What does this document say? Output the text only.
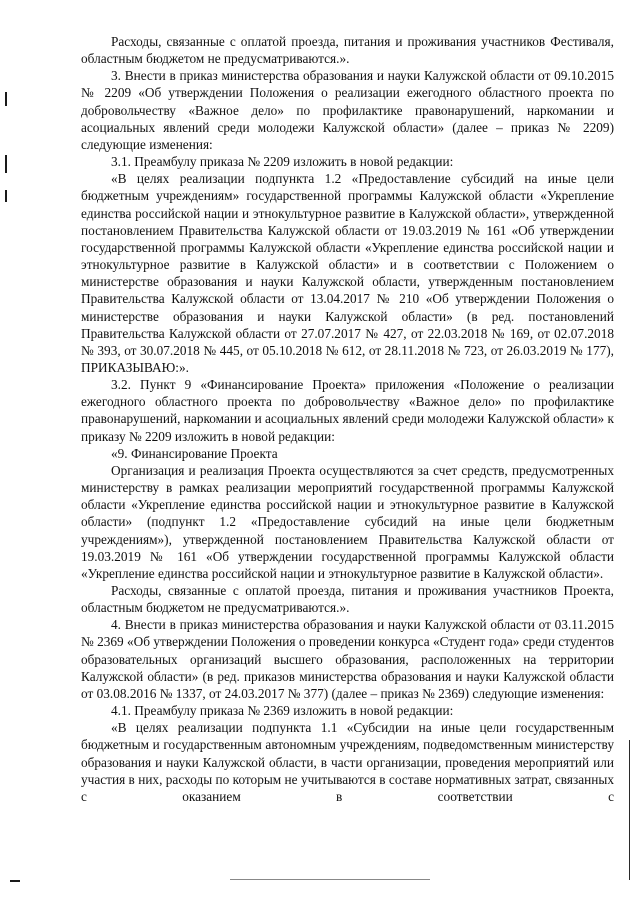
Расходы, связанные с оплатой проезда, питания и проживания участников Фестиваля, областным бюджетом не предусматриваются.».

3. Внести в приказ министерства образования и науки Калужской области от 09.10.2015 № 2209 «Об утверждении Положения о реализации ежегодного областного проекта по добровольчеству «Важное дело» по профилактике правонарушений, наркомании и асоциальных явлений среди молодежи Калужской области» (далее – приказ № 2209) следующие изменения:

3.1. Преамбулу приказа № 2209 изложить в новой редакции:

«В целях реализации подпункта 1.2 «Предоставление субсидий на иные цели бюджетным учреждениям» государственной программы Калужской области «Укрепление единства российской нации и этнокультурное развитие в Калужской области», утвержденной постановлением Правительства Калужской области от 19.03.2019 № 161 «Об утверждении государственной программы Калужской области «Укрепление единства российской нации и этнокультурное развитие в Калужской области» и в соответствии с Положением о министерстве образования и науки Калужской области, утвержденным постановлением Правительства Калужской области от 13.04.2017 № 210 «Об утверждении Положения о министерстве образования и науки Калужской области» (в ред. постановлений Правительства Калужской области от 27.07.2017 № 427, от 22.03.2018 № 169, от 02.07.2018 № 393, от 30.07.2018 № 445, от 05.10.2018 № 612, от 28.11.2018 № 723, от 26.03.2019 № 177), ПРИКАЗЫВАЮ:».

3.2. Пункт 9 «Финансирование Проекта» приложения «Положение о реализации ежегодного областного проекта по добровольчеству «Важное дело» по профилактике правонарушений, наркомании и асоциальных явлений среди молодежи Калужской области» к приказу № 2209 изложить в новой редакции:

«9. Финансирование Проекта

Организация и реализация Проекта осуществляются за счет средств, предусмотренных министерству в рамках реализации мероприятий государственной программы Калужской области «Укрепление единства российской нации и этнокультурное развитие в Калужской области» (подпункт 1.2 «Предоставление субсидий на иные цели бюджетным учреждениям»), утвержденной постановлением Правительства Калужской области от 19.03.2019 № 161 «Об утверждении государственной программы Калужской области «Укрепление единства российской нации и этнокультурное развитие в Калужской области».

Расходы, связанные с оплатой проезда, питания и проживания участников Проекта, областным бюджетом не предусматриваются.».

4. Внести в приказ министерства образования и науки Калужской области от 03.11.2015 № 2369 «Об утверждении Положения о проведении конкурса «Студент года» среди студентов образовательных организаций высшего образования, расположенных на территории Калужской области» (в ред. приказов министерства образования и науки Калужской области от 03.08.2016 № 1337, от 24.03.2017 № 377) (далее – приказ № 2369) следующие изменения:

4.1. Преамбулу приказа № 2369 изложить в новой редакции:

«В целях реализации подпункта 1.1 «Субсидии на иные цели государственным бюджетным и государственным автономным учреждениям, подведомственным министерству образования и науки Калужской области, в части организации, проведения мероприятий или участия в них, расходы по которым не учитываются в составе нормативных затрат, связанных с оказанием в соответствии с
